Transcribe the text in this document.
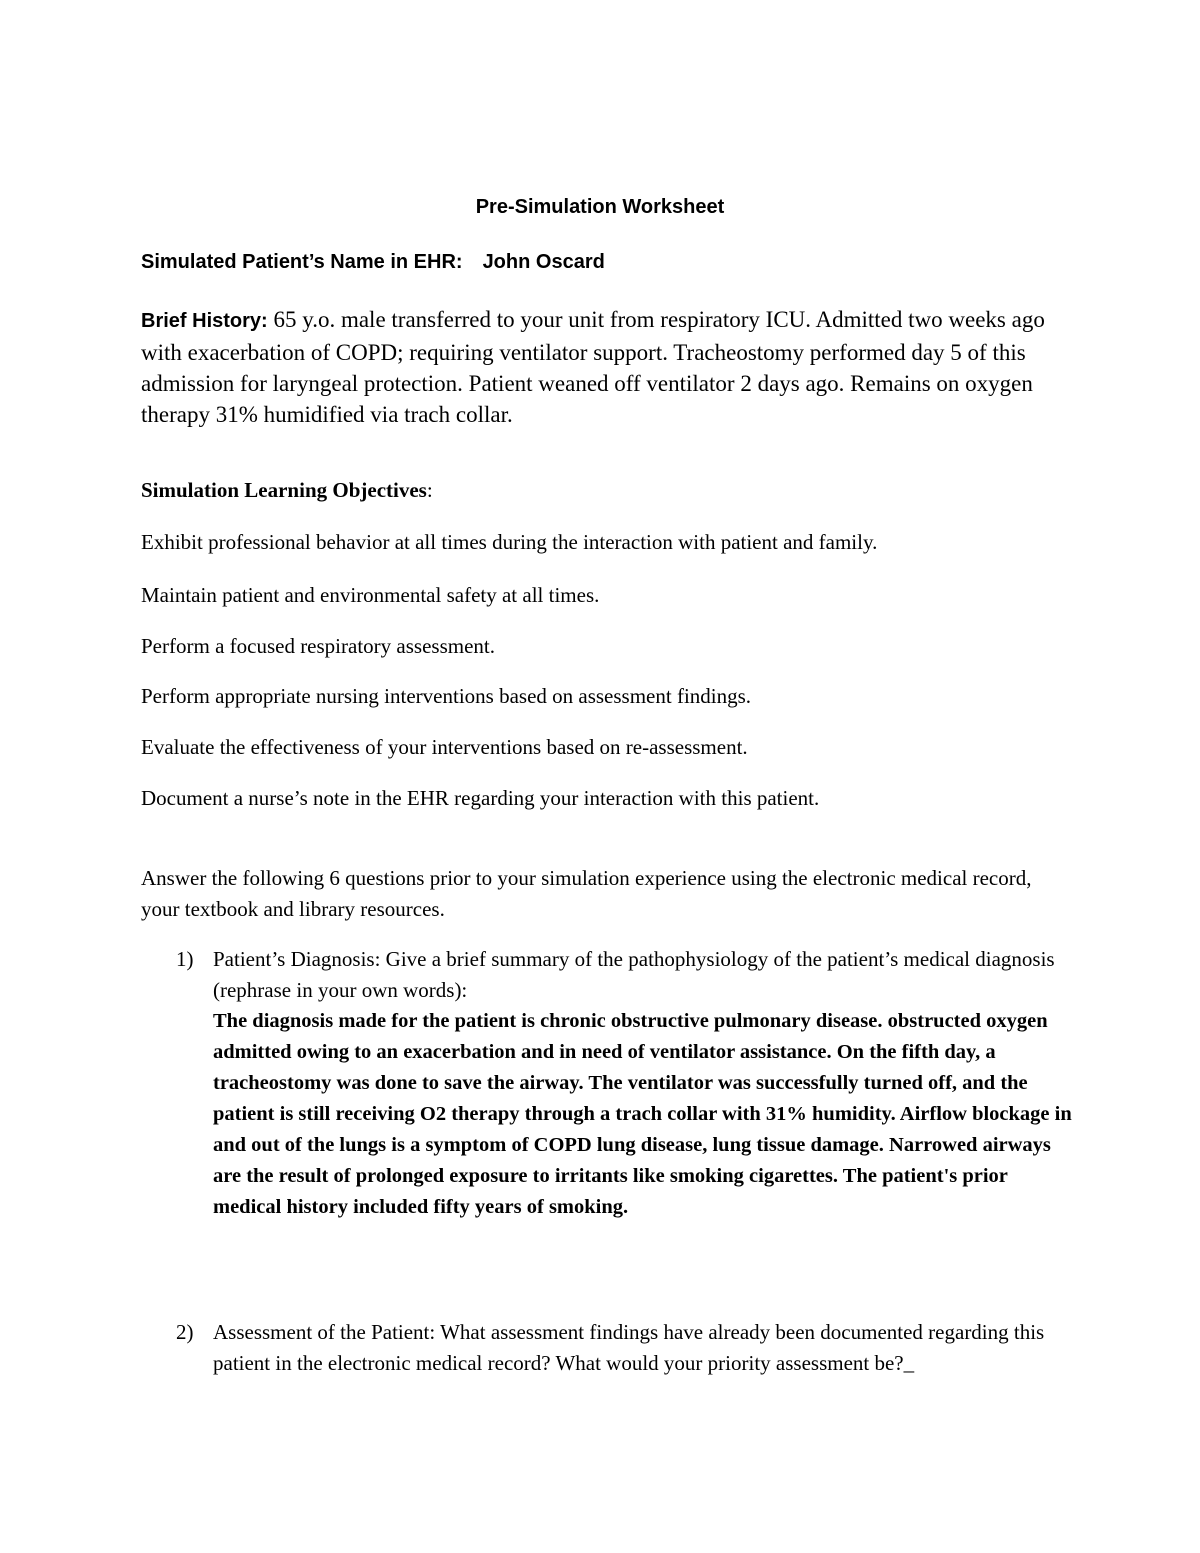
Pre-Simulation Worksheet
Simulated Patient’s Name in EHR: John Oscard
Brief History: 65 y.o. male transferred to your unit from respiratory ICU. Admitted two weeks ago with exacerbation of COPD; requiring ventilator support. Tracheostomy performed day 5 of this admission for laryngeal protection. Patient weaned off ventilator 2 days ago. Remains on oxygen therapy 31% humidified via trach collar.
Simulation Learning Objectives:
Exhibit professional behavior at all times during the interaction with patient and family.
Maintain patient and environmental safety at all times.
Perform a focused respiratory assessment.
Perform appropriate nursing interventions based on assessment findings.
Evaluate the effectiveness of your interventions based on re-assessment.
Document a nurse’s note in the EHR regarding your interaction with this patient.
Answer the following 6 questions prior to your simulation experience using the electronic medical record, your textbook and library resources.
1) Patient’s Diagnosis: Give a brief summary of the pathophysiology of the patient’s medical diagnosis (rephrase in your own words):
The diagnosis made for the patient is chronic obstructive pulmonary disease. obstructed oxygen admitted owing to an exacerbation and in need of ventilator assistance. On the fifth day, a tracheostomy was done to save the airway. The ventilator was successfully turned off, and the patient is still receiving O2 therapy through a trach collar with 31% humidity. Airflow blockage in and out of the lungs is a symptom of COPD lung disease, lung tissue damage. Narrowed airways are the result of prolonged exposure to irritants like smoking cigarettes. The patient's prior medical history included fifty years of smoking.
2) Assessment of the Patient: What assessment findings have already been documented regarding this patient in the electronic medical record? What would your priority assessment be?_
